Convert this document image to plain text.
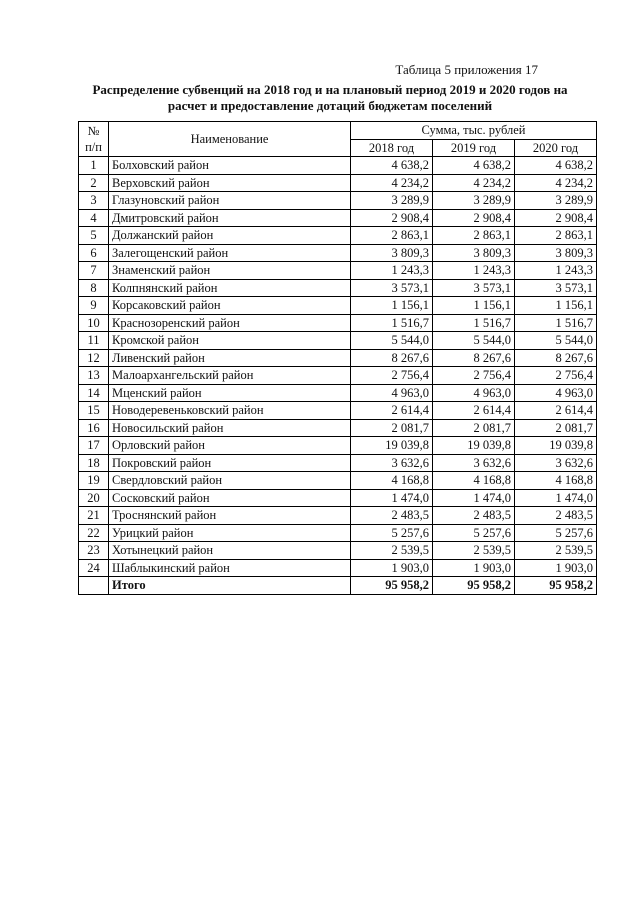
Таблица 5 приложения 17
Распределение субвенций на 2018 год и на плановый период 2019 и 2020 годов на
расчет и предоставление дотаций бюджетам поселений
№
п/п	Наименование	Сумма, тыс. рублей		
		2018 год	2019 год	2020 год
1	Болховский район	4 638,2	4 638,2	4 638,2
2	Верховский район	4 234,2	4 234,2	4 234,2
3	Глазуновский район	3 289,9	3 289,9	3 289,9
4	Дмитровский район	2 908,4	2 908,4	2 908,4
5	Должанский район	2 863,1	2 863,1	2 863,1
6	Залегощенский район	3 809,3	3 809,3	3 809,3
7	Знаменский район	1 243,3	1 243,3	1 243,3
8	Колпнянский район	3 573,1	3 573,1	3 573,1
9	Корсаковский район	1 156,1	1 156,1	1 156,1
10	Краснозоренский район	1 516,7	1 516,7	1 516,7
11	Кромской район	5 544,0	5 544,0	5 544,0
12	Ливенский район	8 267,6	8 267,6	8 267,6
13	Малоархангельский район	2 756,4	2 756,4	2 756,4
14	Мценский район	4 963,0	4 963,0	4 963,0
15	Новодеревеньковский район	2 614,4	2 614,4	2 614,4
16	Новосильский район	2 081,7	2 081,7	2 081,7
17	Орловский район	19 039,8	19 039,8	19 039,8
18	Покровский район	3 632,6	3 632,6	3 632,6
19	Свердловский район	4 168,8	4 168,8	4 168,8
20	Сосковский район	1 474,0	1 474,0	1 474,0
21	Троснянский район	2 483,5	2 483,5	2 483,5
22	Урицкий район	5 257,6	5 257,6	5 257,6
23	Хотынецкий район	2 539,5	2 539,5	2 539,5
24	Шаблыкинский район	1 903,0	1 903,0	1 903,0
	Итого	95 958,2	95 958,2	95 958,2
